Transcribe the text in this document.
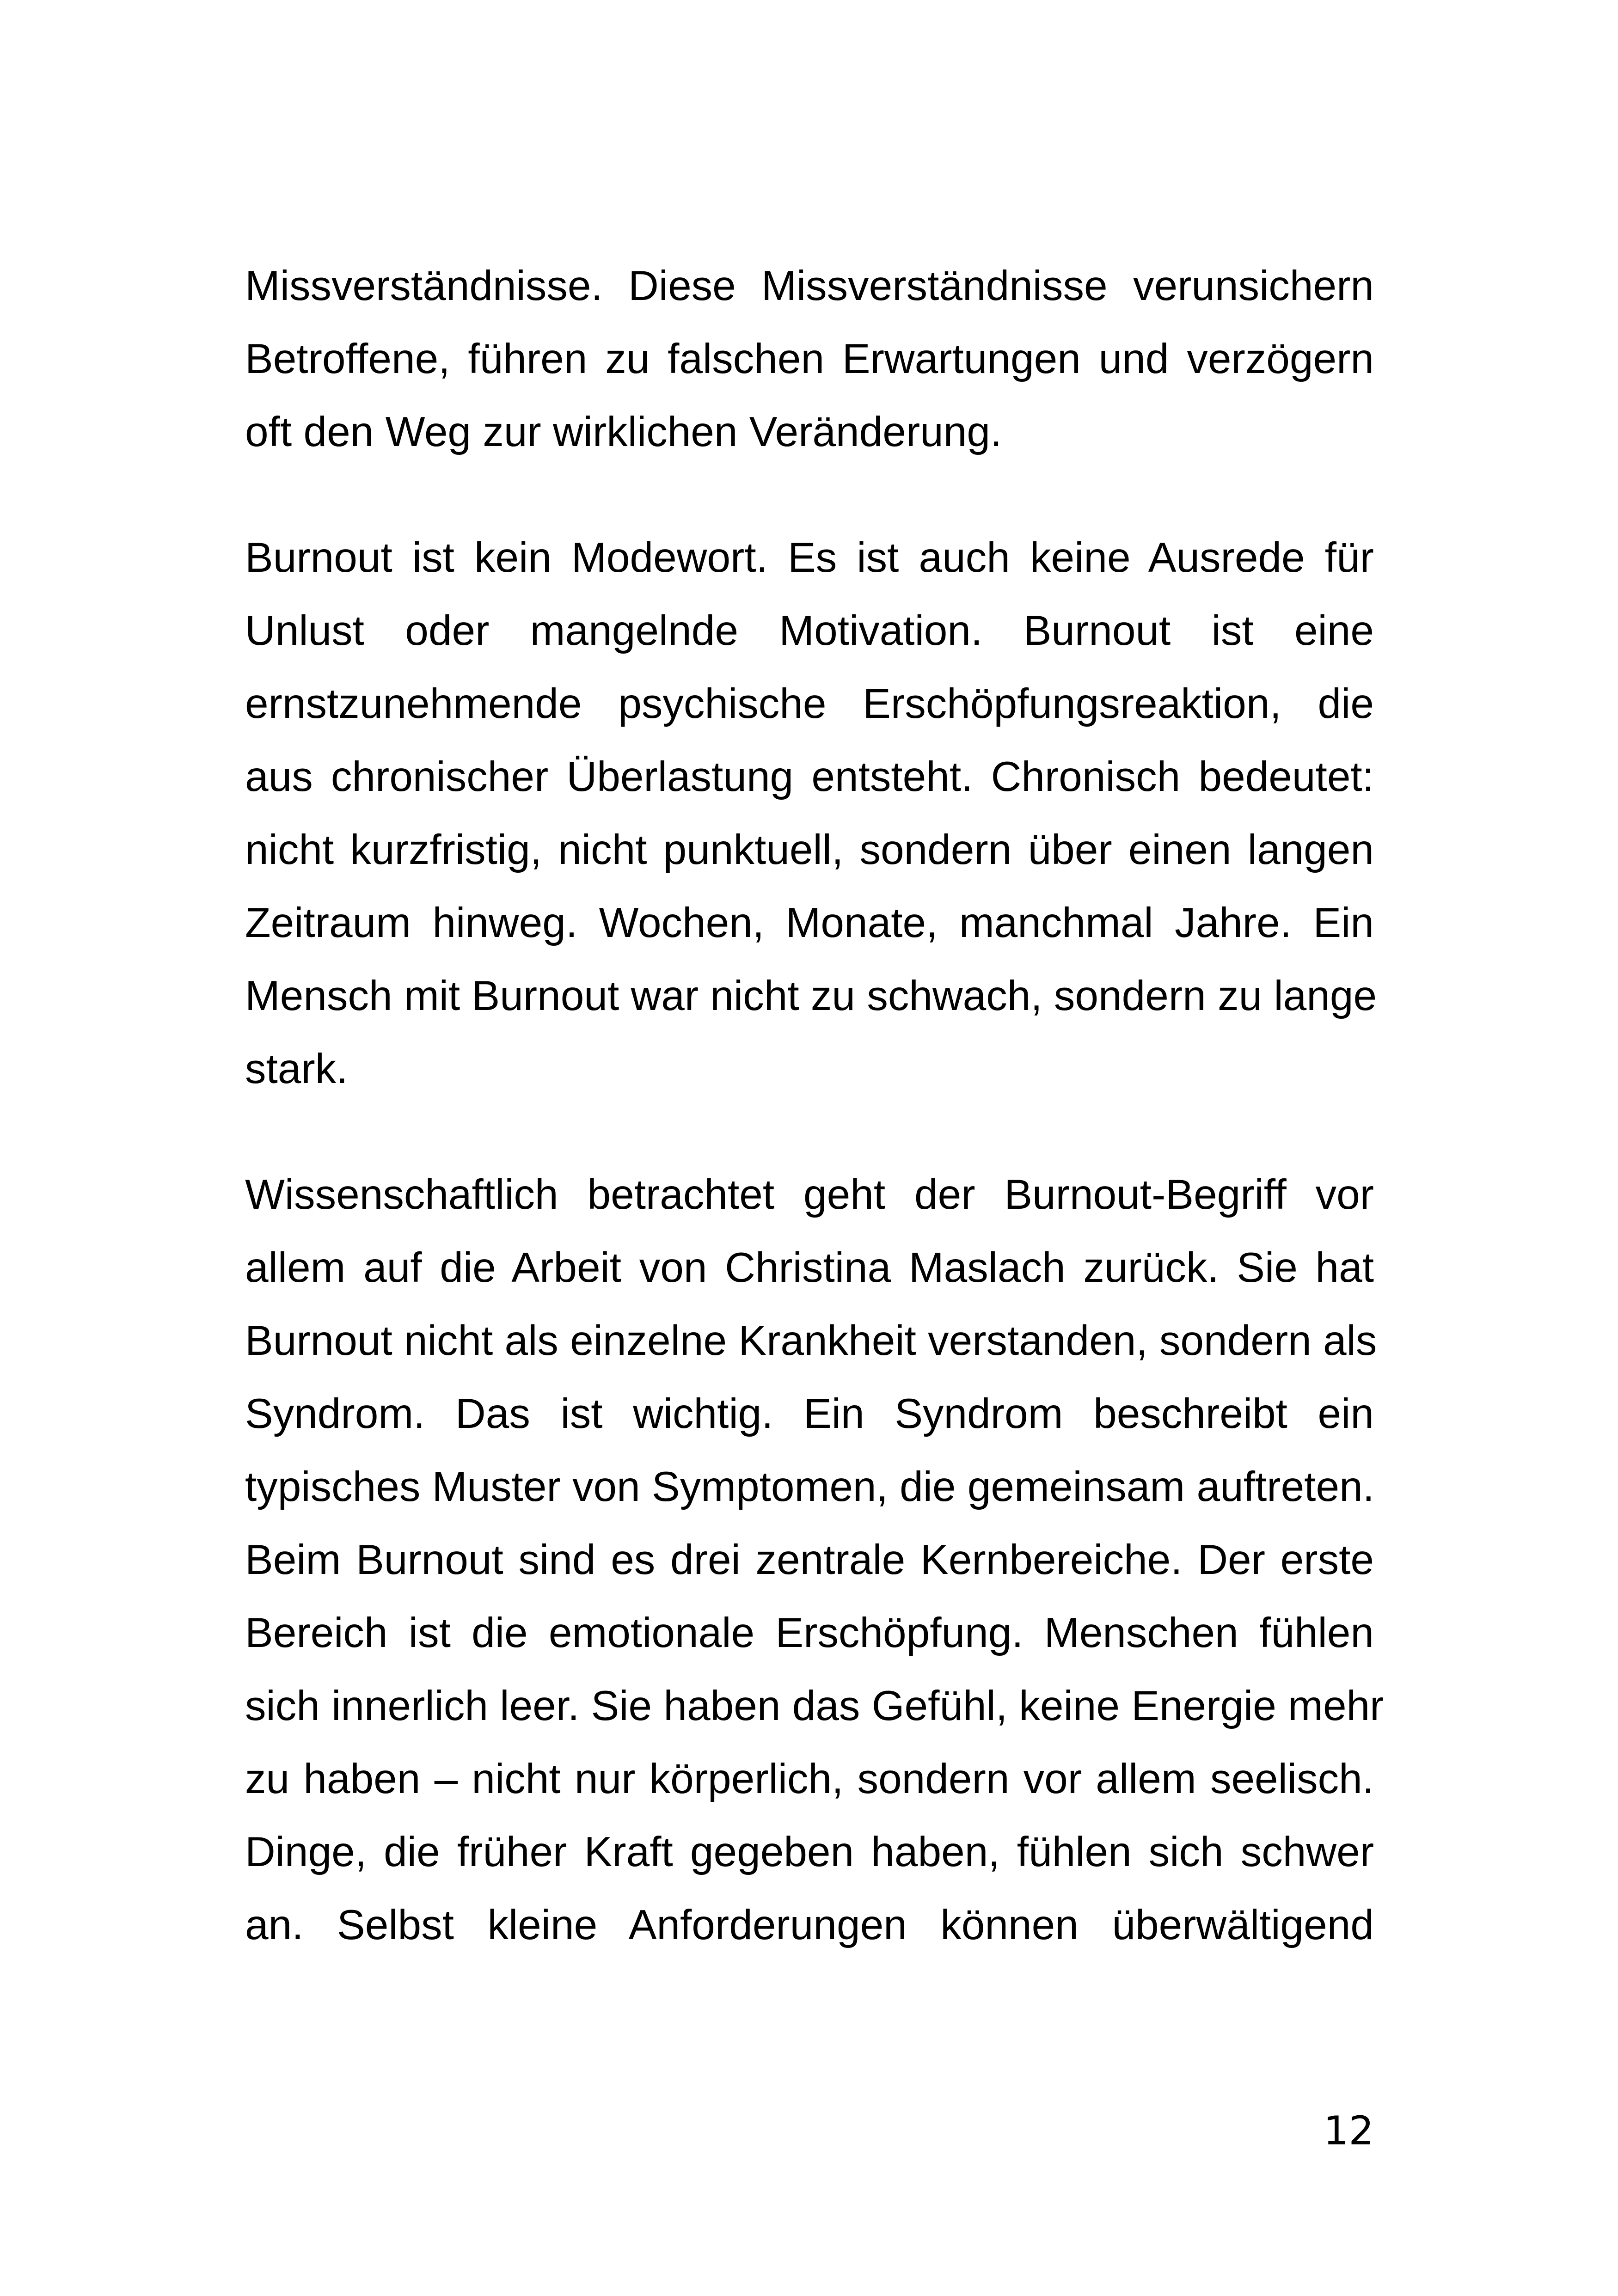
Missverständnisse. Diese Missverständnisse verunsichern
Betroffene, führen zu falschen Erwartungen und verzögern
oft den Weg zur wirklichen Veränderung.
Burnout ist kein Modewort. Es ist auch keine Ausrede für
Unlust oder mangelnde Motivation. Burnout ist eine
ernstzunehmende psychische Erschöpfungsreaktion, die
aus chronischer Überlastung entsteht. Chronisch bedeutet:
nicht kurzfristig, nicht punktuell, sondern über einen langen
Zeitraum hinweg. Wochen, Monate, manchmal Jahre. Ein
Mensch mit Burnout war nicht zu schwach, sondern zu lange
stark.
Wissenschaftlich betrachtet geht der Burnout-Begriff vor
allem auf die Arbeit von Christina Maslach zurück. Sie hat
Burnout nicht als einzelne Krankheit verstanden, sondern als
Syndrom. Das ist wichtig. Ein Syndrom beschreibt ein
typisches Muster von Symptomen, die gemeinsam auftreten.
Beim Burnout sind es drei zentrale Kernbereiche. Der erste
Bereich ist die emotionale Erschöpfung. Menschen fühlen
sich innerlich leer. Sie haben das Gefühl, keine Energie mehr
zu haben – nicht nur körperlich, sondern vor allem seelisch.
Dinge, die früher Kraft gegeben haben, fühlen sich schwer
an. Selbst kleine Anforderungen können überwältigend
12
